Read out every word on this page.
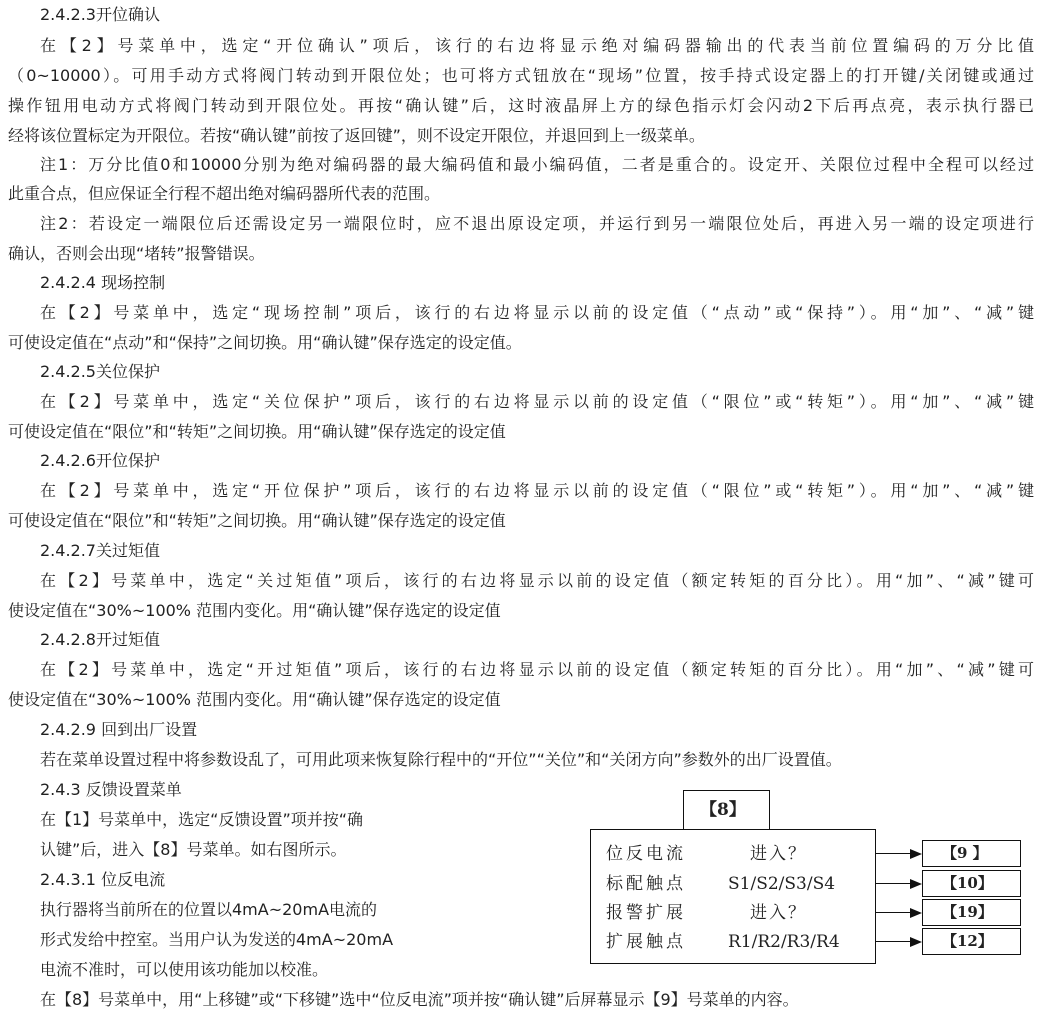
2.4.2.3开位确认
在【2】号菜单中，选定“开位确认”项后，该行的右边将显示绝对编码器输出的代表当前位置编码的万分比值
（0~10000）。可用手动方式将阀门转动到开限位处；也可将方式钮放在“现场”位置，按手持式设定器上的打开键/关闭键或通过
操作钮用电动方式将阀门转动到开限位处。再按“确认键”后，这时液晶屏上方的绿色指示灯会闪动2下后再点亮，表示执行器已
经将该位置标定为开限位。若按“确认键”前按了返回键”，则不设定开限位，并退回到上一级菜单。
注1：万分比值0和10000分别为绝对编码器的最大编码值和最小编码值，二者是重合的。设定开、关限位过程中全程可以经过
此重合点，但应保证全行程不超出绝对编码器所代表的范围。
注2：若设定一端限位后还需设定另一端限位时，应不退出原设定项，并运行到另一端限位处后，再进入另一端的设定项进行
确认，否则会出现“堵转”报警错误。
2.4.2.4 现场控制
在【2】号菜单中，选定“现场控制”项后，该行的右边将显示以前的设定值（“点动”或“保持”）。用“加”、“减”键
可使设定值在“点动”和“保持”之间切换。用“确认键”保存选定的设定值。
2.4.2.5关位保护
在【2】号菜单中，选定“关位保护”项后，该行的右边将显示以前的设定值（“限位”或“转矩”）。用“加”、“减”键
可使设定值在“限位”和“转矩”之间切换。用“确认键”保存选定的设定值
2.4.2.6开位保护
在【2】号菜单中，选定“开位保护”项后，该行的右边将显示以前的设定值（“限位”或“转矩”）。用“加”、“减”键
可使设定值在“限位”和“转矩”之间切换。用“确认键”保存选定的设定值
2.4.2.7关过矩值
在【2】号菜单中，选定“关过矩值”项后，该行的右边将显示以前的设定值（额定转矩的百分比）。用“加”、“减”键可
使设定值在“30%~100% 范围内变化。用“确认键”保存选定的设定值
2.4.2.8开过矩值
在【2】号菜单中，选定“开过矩值”项后，该行的右边将显示以前的设定值（额定转矩的百分比）。用“加”、“减”键可
使设定值在“30%~100% 范围内变化。用“确认键”保存选定的设定值
2.4.2.9 回到出厂设置
若在菜单设置过程中将参数设乱了，可用此项来恢复除行程中的“开位”“关位”和“关闭方向”参数外的出厂设置值。
2.4.3 反馈设置菜单
在【1】号菜单中，选定“反馈设置”项并按“确
认键”后，进入【8】号菜单。如右图所示。
2.4.3.1 位反电流
执行器将当前所在的位置以4mA~20mA电流的
形式发给中控室。当用户认为发送的4mA~20mA
电流不准时，可以使用该功能加以校准。
在【8】号菜单中，用“上移键”或“下移键”选中“位反电流”项并按“确认键”后屏幕显示【9】号菜单的内容。
【8】
位反电流	进入？
标配触点 S1/S2/S3/S4
报警扩展	进入？
扩展触点 R1/R2/R3/R4
【9 】
【10】
【19】
【12】
